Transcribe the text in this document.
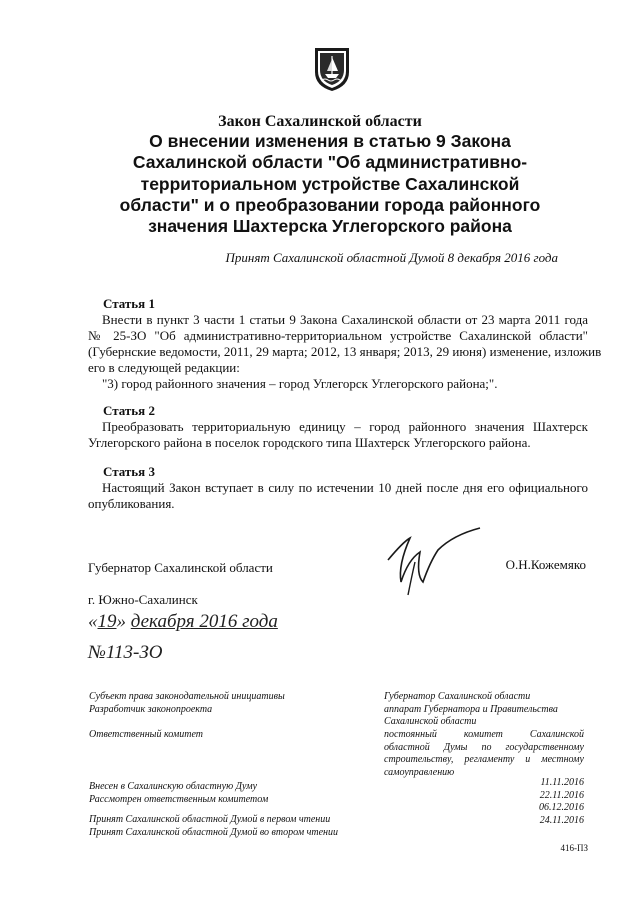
Закон Сахалинской области
О внесении изменения в статью 9 Закона
Сахалинской области "Об административно-
территориальном устройстве Сахалинской
области" и о преобразовании города районного
значения Шахтерска Углегорского района
Принят Сахалинской областной Думой 8 декабря 2016 года
Статья 1
Внести в пункт 3 части 1 статьи 9 Закона Сахалинской области от 23 марта 2011 года
№ 25-ЗО "Об административно-территориальном устройстве Сахалинской области"
(Губернские ведомости, 2011, 29 марта; 2012, 13 января; 2013, 29 июня) изменение, изложив
его в следующей редакции:
"3) город районного значения – город Углегорск Углегорского района;".
Статья 2
Преобразовать территориальную единицу – город районного значения Шахтерск
Углегорского района в поселок городского типа Шахтерск Углегорского района.
Статья 3
Настоящий Закон вступает в силу по истечении 10 дней после дня его официального
опубликования.
Губернатор Сахалинской области	О.Н.Кожемяко
г. Южно-Сахалинск
«19» декабря 2016 года
№113-ЗО
Субъект права законодательной инициативы
Разработчик законопроекта
Ответственный комитет
Внесен в Сахалинскую областную Думу
Рассмотрен ответственным комитетом
Принят Сахалинской областной Думой в первом чтении
Принят Сахалинской областной Думой во втором чтении
Губернатор Сахалинской области
аппарат Губернатора и Правительства
Сахалинской области
постоянный комитет Сахалинской
областной Думы по государственному
строительству, регламенту и местному
самоуправлению
11.11.2016
22.11.2016
06.12.2016
24.11.2016
416-ПЗ
